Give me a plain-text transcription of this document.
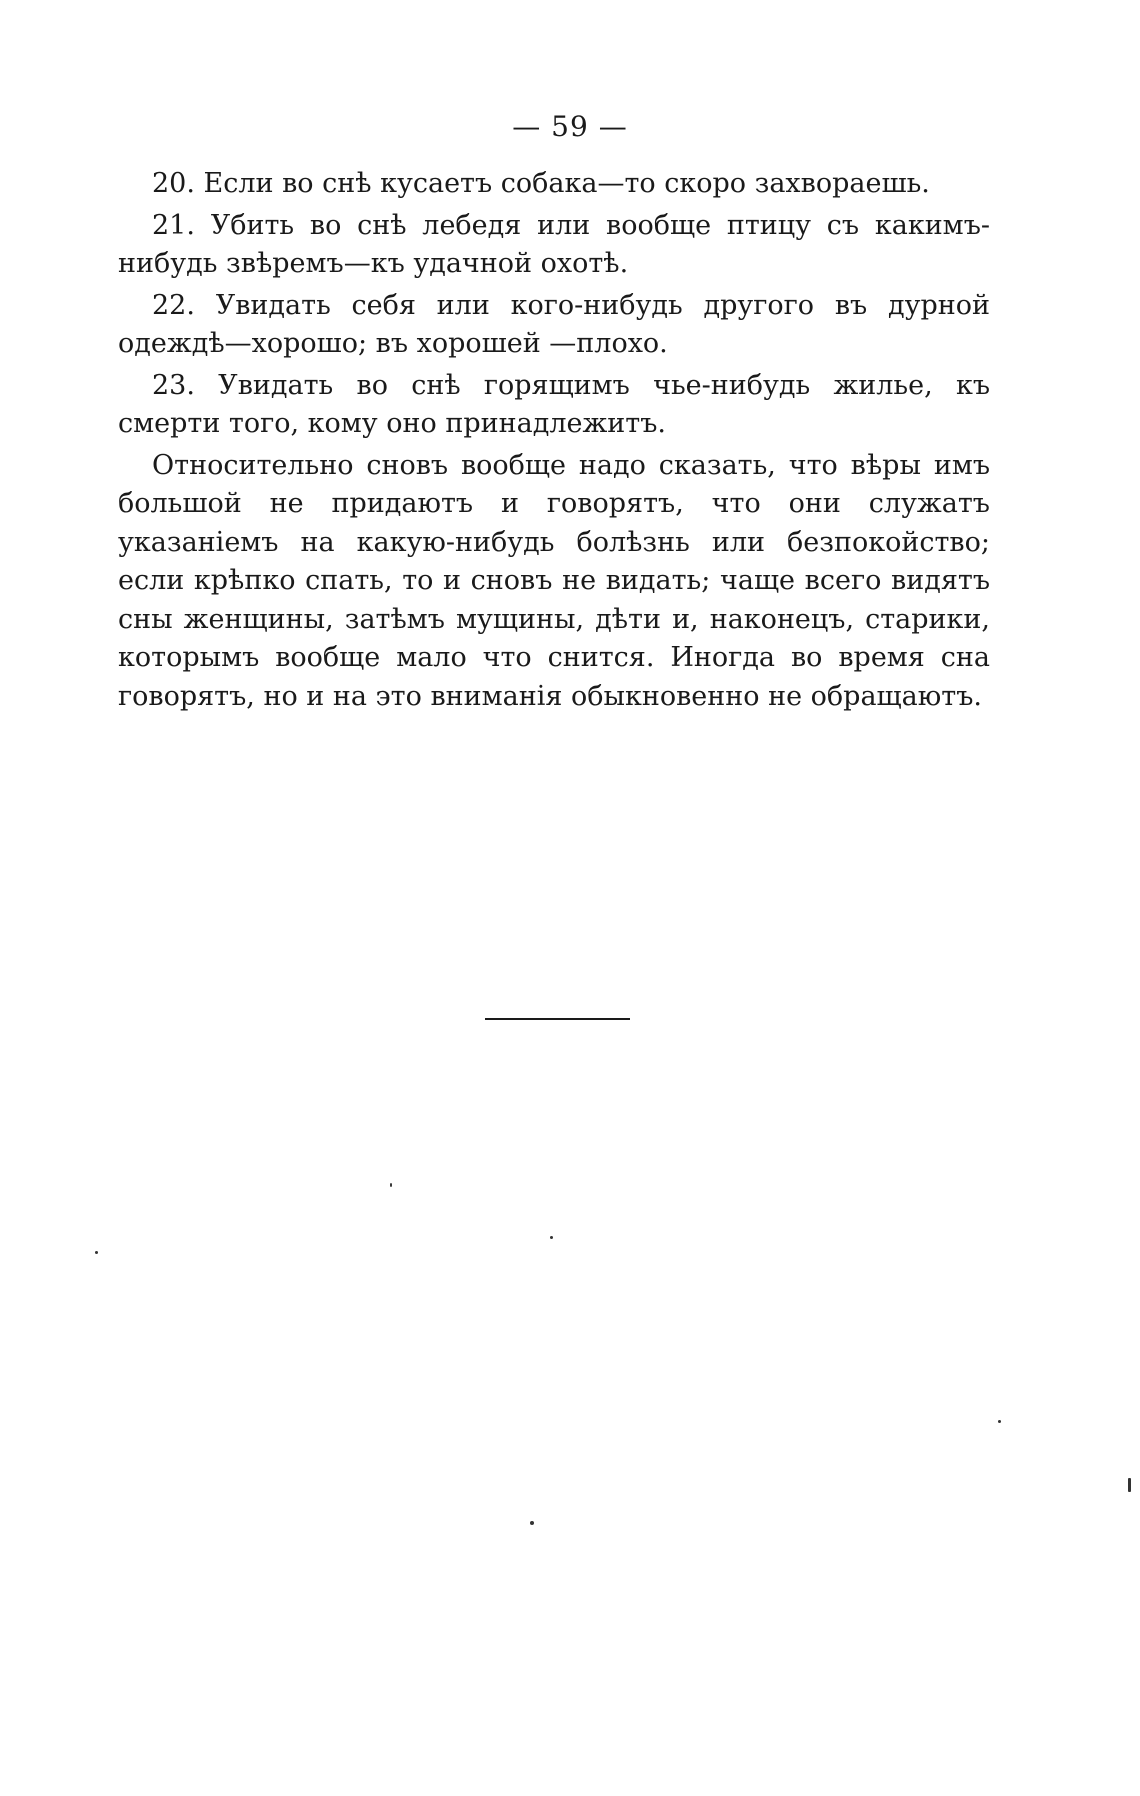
— 59 —

20. Если во снѣ кусаетъ собака—то скоро захвораешь.

21. Убить во снѣ лебедя или вообще птицу съ какимъ-нибудь звѣремъ—къ удачной охотѣ.

22. Увидать себя или кого-нибудь другого въ дурной одеждѣ—хорошо; въ хорошей —плохо.

23. Увидать во снѣ горящимъ чье-нибудь жилье, къ смерти того, кому оно принадлежитъ.

Относительно сновъ вообще надо сказать, что вѣры имъ большой не придаютъ и говорятъ, что они служатъ указаніемъ на какую-нибудь болѣзнь или безпокойство; если крѣпко спать, то и сновъ не видать; чаще всего видятъ сны женщины, затѣмъ мущины, дѣти и, наконецъ, старики, которымъ вообще мало что снится. Иногда во время сна говорятъ, но и на это вниманія обыкновенно не обращаютъ.
